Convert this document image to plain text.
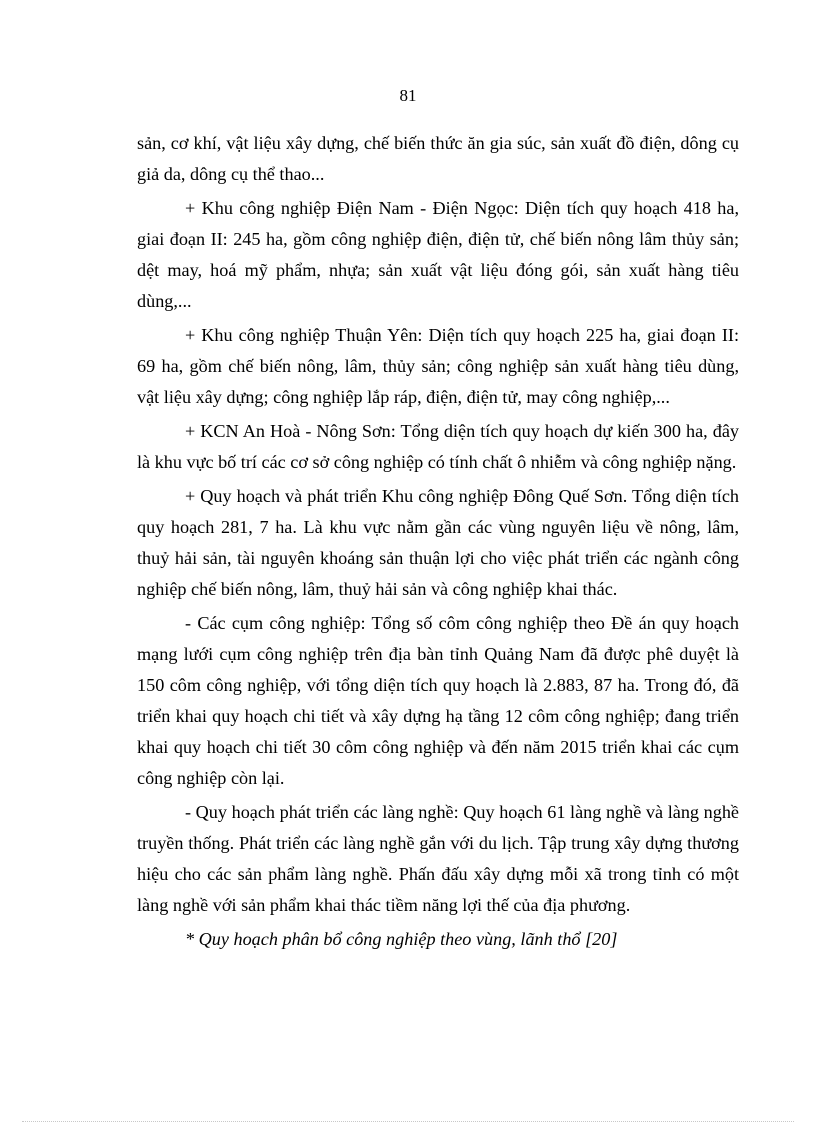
81

sản, cơ khí, vật liệu xây dựng, chế biến thức ăn gia súc, sản xuất đồ điện, dông cụ giả da, dông cụ thể thao...

+ Khu công nghiệp Điện Nam - Điện Ngọc: Diện tích quy hoạch 418 ha, giai đoạn II: 245 ha, gồm công nghiệp điện, điện tử, chế biến nông lâm thủy sản; dệt may, hoá mỹ phẩm, nhựa; sản xuất vật liệu đóng gói, sản xuất hàng tiêu dùng,...

+ Khu công nghiệp Thuận Yên: Diện tích quy hoạch 225 ha, giai đoạn II: 69 ha, gồm chế biến nông, lâm, thủy sản; công nghiệp sản xuất hàng tiêu dùng, vật liệu xây dựng; công nghiệp lắp ráp, điện, điện tử, may công nghiệp,...

+ KCN An Hoà - Nông Sơn: Tổng diện tích quy hoạch dự kiến 300 ha, đây là khu vực bố trí các cơ sở công nghiệp có tính chất ô nhiễm và công nghiệp nặng.

+ Quy hoạch và phát triển Khu công nghiệp Đông Quế Sơn. Tổng diện tích quy hoạch 281, 7 ha. Là khu vực nằm gần các vùng nguyên liệu về nông, lâm, thuỷ hải sản, tài nguyên khoáng sản thuận lợi cho việc phát triển các ngành công nghiệp chế biến nông, lâm, thuỷ hải sản và công nghiệp khai thác.

- Các cụm công nghiệp: Tổng số côm công nghiệp theo Đề án quy hoạch mạng lưới cụm công nghiệp trên địa bàn tỉnh Quảng Nam đã được phê duyệt là 150 côm công nghiệp, với tổng diện tích quy hoạch là 2.883, 87 ha. Trong đó, đã triển khai quy hoạch chi tiết và xây dựng hạ tầng 12 côm công nghiệp; đang triển khai quy hoạch chi tiết 30 côm công nghiệp và đến năm 2015 triển khai các cụm công nghiệp còn lại.

- Quy hoạch phát triển các làng nghề: Quy hoạch 61 làng nghề và làng nghề truyền thống. Phát triển các làng nghề gắn với du lịch. Tập trung xây dựng thương hiệu cho các sản phẩm làng nghề. Phấn đấu xây dựng mỗi xã trong tỉnh có một làng nghề với sản phẩm khai thác tiềm năng lợi thế của địa phương.

* Quy hoạch phân bổ công nghiệp theo vùng, lãnh thổ [20]
